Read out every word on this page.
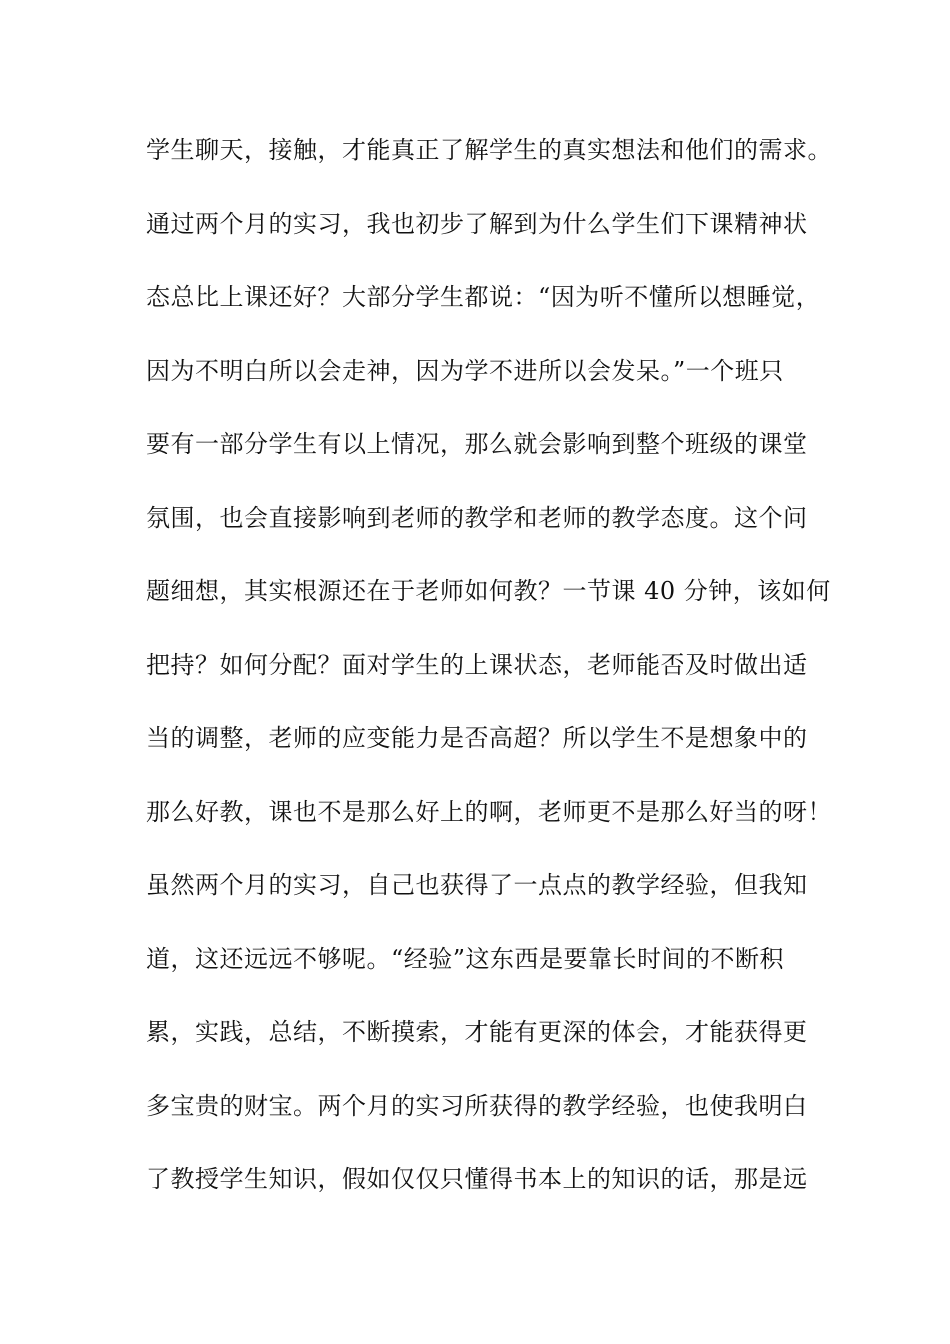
学生聊天，接触，才能真正了解学生的真实想法和他们的需求。
通过两个月的实习，我也初步了解到为什么学生们下课精神状
态总比上课还好？大部分学生都说：“因为听不懂所以想睡觉，
因为不明白所以会走神，因为学不进所以会发呆。”一个班只
要有一部分学生有以上情况，那么就会影响到整个班级的课堂
氛围，也会直接影响到老师的教学和老师的教学态度。这个问
题细想，其实根源还在于老师如何教？一节课 40 分钟，该如何
把持？如何分配？面对学生的上课状态，老师能否及时做出适
当的调整，老师的应变能力是否高超？所以学生不是想象中的
那么好教，课也不是那么好上的啊，老师更不是那么好当的呀！
虽然两个月的实习，自己也获得了一点点的教学经验，但我知
道，这还远远不够呢。“经验”这东西是要靠长时间的不断积
累，实践，总结，不断摸索，才能有更深的体会，才能获得更
多宝贵的财宝。两个月的实习所获得的教学经验，也使我明白
了教授学生知识，假如仅仅只懂得书本上的知识的话，那是远
